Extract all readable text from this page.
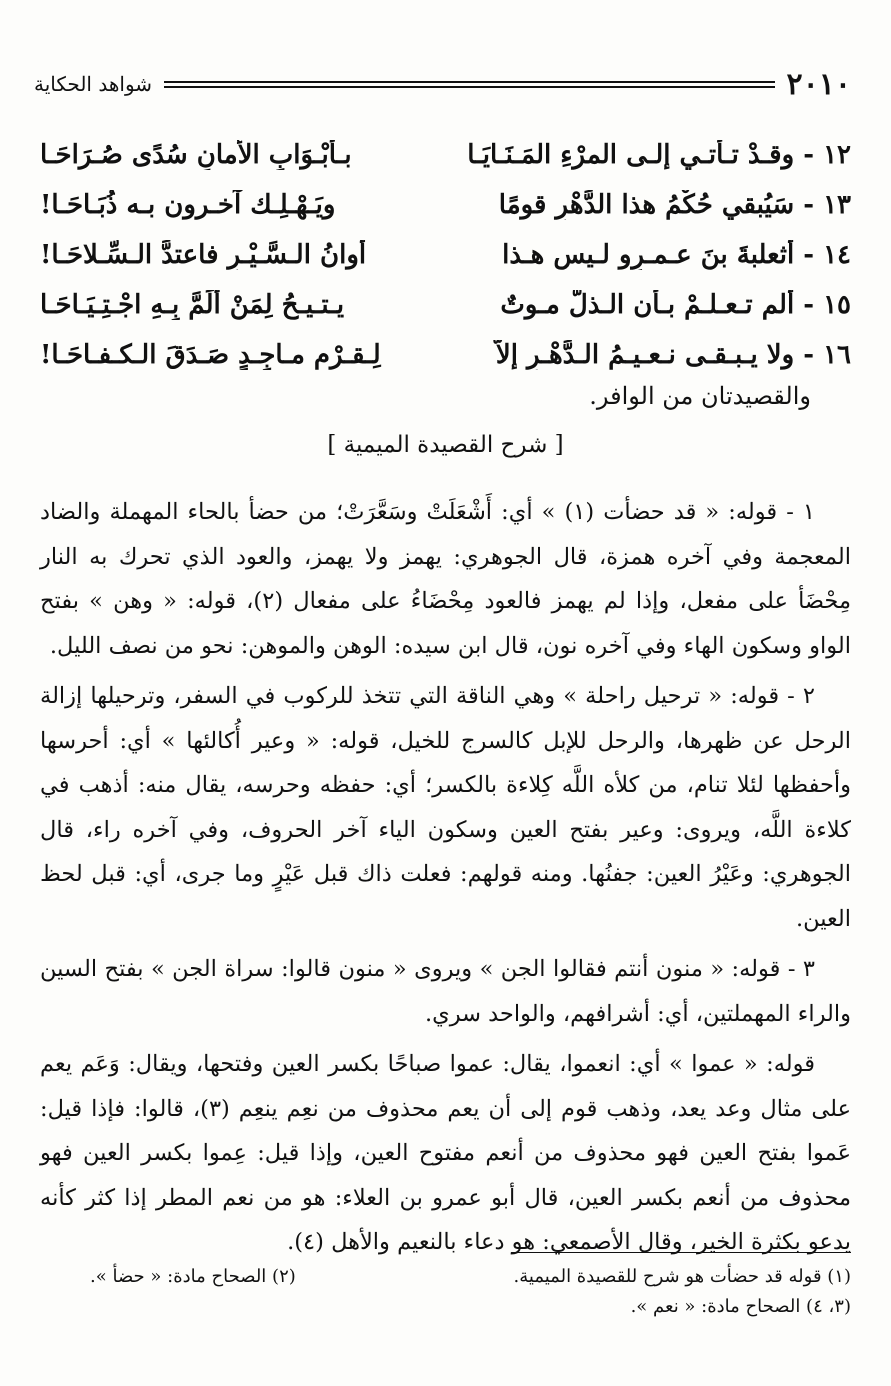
٢٠١٠
شواهد الحكاية
١٢ - وقـدْ تـأتـي إلـى المرْءِ المَـنَـايَـا
بـأبْـوَابِ الأمانِ سُدًى صُـرَاحَـا
١٣ - سَيُبقي حُكْمُ هذا الدَّهْرِ قومًا
ويَـهْـلِـك آخـرون بـه ذُبَـاحَـا!
١٤ - أثعلبةَ بنَ عـمـرٍو لـيس هـذا
أوانُ الـسَّـيْـرِ فاعتدَّ الـسِّـلاحَـا!
١٥ - ألم تـعـلـمْ بـأن الـذلَّ مـوتٌ
يـتـيـحُ لِمَنْ أَلَمَّ بِـهِ اجْـتِـيَـاحَـا
١٦ - ولا يـبـقـى نـعـيـمُ الـدَّهْـرِ إلاّ
لِـقـرْم مـاجِـدٍ صَـدَقَ الـكـفـاحَـا!
والقصيدتان من الوافر.
[ شرح القصيدة الميمية ]

١ - قوله: « قد حضأت (١) » أي: أَشْعَلَتْ وسَعَّرَتْ؛ من حضأ بالحاء المهملة والضاد المعجمة وفي آخره همزة، قال الجوهري: يهمز ولا يهمز، والعود الذي تحرك به النار مِحْضَأ على مفعل، وإذا لم يهمز فالعود مِحْضَاءُ على مفعال (٢)، قوله: « وهن » بفتح الواو وسكون الهاء وفي آخره نون، قال ابن سيده: الوهن والموهن: نحو من نصف الليل.

٢ - قوله: « ترحيل راحلة » وهي الناقة التي تتخذ للركوب في السفر، وترحيلها إزالة الرحل عن ظهرها، والرحل للإبل كالسرج للخيل، قوله: « وعير أُكالئها » أي: أحرسها وأحفظها لئلا تنام، من كلأه اللَّه كِلاءة بالكسر؛ أي: حفظه وحرسه، يقال منه: أذهب في كلاءة اللَّه، ويروى: وعير بفتح العين وسكون الياء آخر الحروف، وفي آخره راء، قال الجوهري: وعَيْرُ العين: جفنُها. ومنه قولهم: فعلت ذاك قبل عَيْرٍ وما جرى، أي: قبل لحظ العين.

٣ - قوله: « منون أنتم فقالوا الجن » ويروى « منون قالوا: سراة الجن » بفتح السين والراء المهملتين، أي: أشرافهم، والواحد سري.

قوله: « عموا » أي: انعموا، يقال: عموا صباحًا بكسر العين وفتحها، ويقال: وَعَم يعم على مثال وعد يعد، وذهب قوم إلى أن يعم محذوف من نعِم ينعِم (٣)، قالوا: فإذا قيل: عَموا بفتح العين فهو محذوف من أنعم مفتوح العين، وإذا قيل: عِموا بكسر العين فهو محذوف من أنعم بكسر العين، قال أبو عمرو بن العلاء: هو من نعم المطر إذا كثر كأنه يدعو بكثرة الخير، وقال الأصمعي: هو دعاء بالنعيم والأهل (٤).

(١) قوله قد حضأت هو شرح للقصيدة الميمية.
(٢) الصحاح مادة: « حضأ ».
(٣، ٤) الصحاح مادة: « نعم ».
